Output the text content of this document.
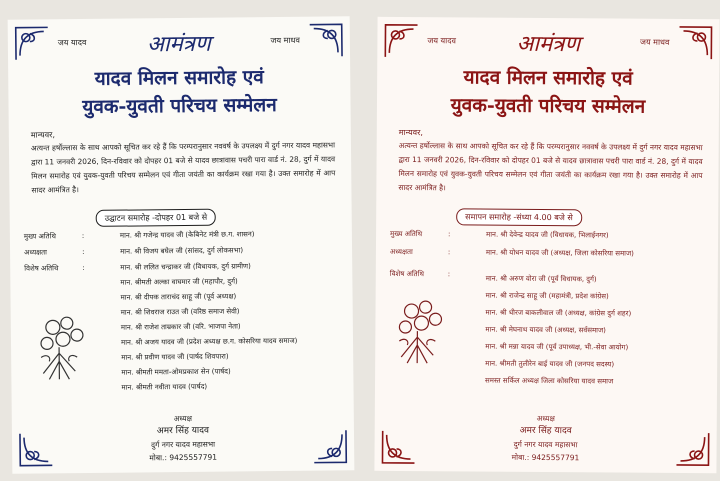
जय यादव	आमंत्रण	जय माधव
यादव मिलन समारोह एवं
युवक-युवती परिचय सम्मेलन
मान्यवर,
अत्यन्त हर्षोल्लास के साथ आपको सूचित कर रहे हैं कि परम्परानुसार नववर्ष के उपलक्ष्य में दुर्ग नगर यादव महासभा द्वारा 11 जनवरी 2026, दिन-रविवार को दोपहर 01 बजे से यादव छात्रावास पचरी पारा वार्ड नं. 28, दुर्ग में यादव मिलन समारोह एवं युवक-युवती परिचय सम्मेलन एवं गीता जयंती का कार्यक्रम रखा गया है। उक्त समारोह में आप सादर आमंत्रित है।
उद्घाटन समारोह -दोपहर 01 बजे से
मुख्य अतिथि	:	मान. श्री गजेन्द्र यादव जी (केबिनेट मंत्री छ.ग. शासन)
अध्यक्षता	:	मान. श्री विजय बघेल जी (सांसद, दुर्ग लोकसभा)
विशेष अतिथि	:	मान. श्री ललित चन्द्राकर जी (विधायक, दुर्ग ग्रामीण)
मान. श्रीमती अल्का वाघमार जी (महापौर, दुर्ग)
मान. श्री दीपक ताराचंद साहू जी (पूर्व अध्यक्ष)
मान. श्री शिवराज राउत जी (वरिष्ठ समाज सेवी)
मान. श्री राजेश ताम्रकार जी (वरि. भाजपा नेता)
मान. श्री अजय यादव जी (प्रदेश अध्यक्ष छ.ग. कोसरिया यादव समाज)
मान. श्री प्रवीण यादव जी (पार्षद शिवपारा)
मान. श्रीमती ममता-ओमप्रकाश सेन (पार्षद)
मान. श्रीमती नवीता यादव (पार्षद)
अध्यक्ष
अमर सिंह यादव
दुर्ग नगर यादव महासभा
मोबा.: 9425557791
जय यादव	आमंत्रण	जय माधव
यादव मिलन समारोह एवं
युवक-युवती परिचय सम्मेलन
मान्यवर,
अत्यन्त हर्षोल्लास के साथ आपको सूचित कर रहे हैं कि परम्परानुसार नववर्ष के उपलक्ष्य में दुर्ग नगर यादव महासभा द्वारा 11 जनवरी 2026, दिन-रविवार को दोपहर 01 बजे से यादव छात्रावास पचरी पारा वार्ड नं. 28, दुर्ग में यादव मिलन समारोह एवं युवक-युवती परिचय सम्मेलन एवं गीता जयंती का कार्यक्रम रखा गया है। उक्त समारोह में आप सादर आमंत्रित है।
समापन समारोह -संध्या 4.00 बजे से
मुख्य अतिथि	:	मान. श्री देवेन्द्र यादव जी (विधायक, भिलाईनगर)
अध्यक्षता	:	मान. श्री योधन यादव जी (अध्यक्ष, जिला कोसरिया समाज)
विशेष अतिथि	:
मान. श्री अरुण वोरा जी (पूर्व विधायक, दुर्ग)
मान. श्री राजेन्द्र साहू जी (महामंत्री, प्रदेश कांग्रेस)
मान. श्री धीरज बाकलीवाल जी (अध्यक्ष, कांग्रेस दुर्ग शहर)
मान. श्री मेघनाथ यादव जी (अध्यक्ष, सर्वसमाज)
मान. श्री मन्ना यादव जी (पूर्व उपाध्यक्ष, भी.-सेवा आयोग)
मान. श्रीमती तुलीरेन बाई यादव जी (जनपद सदस्य)
समस्त सर्किल अध्यक्ष जिला कोसरिया यादव समाज
अध्यक्ष
अमर सिंह यादव
दुर्ग नगर यादव महासभा
मोबा.: 9425557791
